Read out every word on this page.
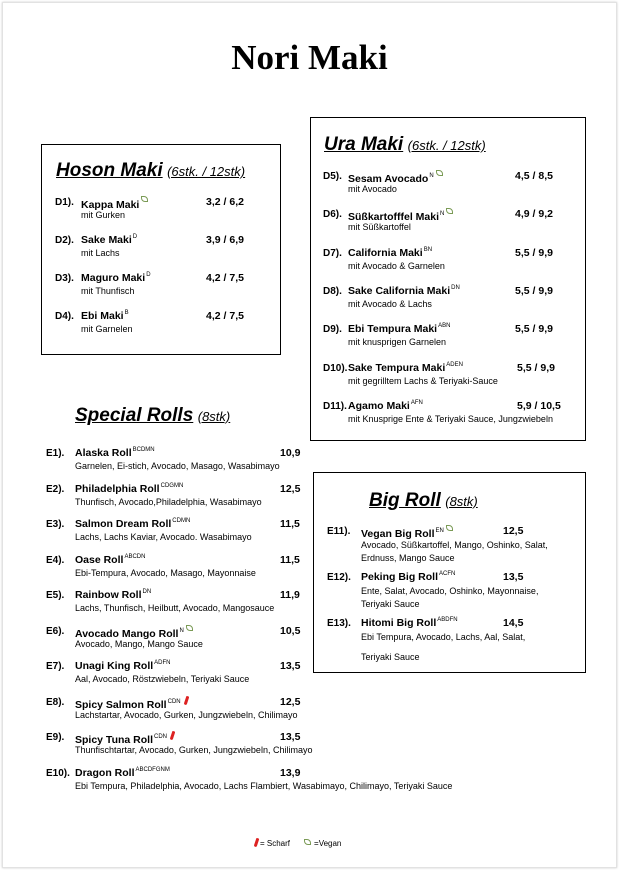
Nori Maki
Hoson Maki (6stk. / 12stk)
Ura Maki (6stk. / 12stk)
Special Rolls (8stk)
Big Roll (8stk)
D1). Kappa Maki	3,2 / 6,2
mit Gurken
D2). Sake Maki$^D$	3,9 / 6,9
mit Lachs
D3). Maguro Maki$^D$	4,2 / 7,5
mit Thunfisch
D4). Ebi Maki$^B$	4,2 / 7,5
mit Garnelen
D5). Sesam Avocado$^N$	4,5 / 8,5
mit Avocado
D6). Süßkartofffel Maki$^N$	4,9 / 9,2
mit Süßkartoffel
D7). California Maki$^{BN}$	5,5 / 9,9
mit Avocado & Garnelen
D8). Sake California Maki$^{DN}$	5,5 / 9,9
mit Avocado & Lachs
D9). Ebi Tempura Maki$^{ABN}$	5,5 / 9,9
mit knusprigen Garnelen
D10). Sake Tempura Maki$^{ADEN}$	5,5 / 9,9
mit gegrilltem Lachs & Teriyaki-Sauce
D11). Agamo Maki$^{AFN}$	5,9 / 10,5
mit Knusprige Ente & Teriyaki Sauce, Jungzwiebeln
E1). Alaska Roll$^{BCDMN}$	10,9
Garnelen, Ei-stich, Avocado, Masago, Wasabimayo
E2). Philadelphia Roll$^{CDGMN}$	12,5
Thunfisch, Avocado,Philadelphia, Wasabimayo
E3). Salmon Dream Roll$^{CDMN}$	11,5
Lachs, Lachs Kaviar, Avocado. Wasabimayo
E4). Oase Roll$^{ABCDN}$	11,5
Ebi-Tempura, Avocado, Masago, Mayonnaise
E5). Rainbow Roll$^{DN}$	11,9
Lachs, Thunfisch, Heilbutt, Avocado, Mangosauce
E6). Avocado Mango Roll$^N$	10,5
Avocado, Mango, Mango Sauce
E7). Unagi King Roll$^{ADFN}$	13,5
Aal, Avocado, Röstzwiebeln, Teriyaki Sauce
E8). Spicy Salmon Roll$^{CDN}$	12,5
Lachstartar, Avocado, Gurken, Jungzwiebeln, Chilimayo
E9). Spicy Tuna Roll$^{CDN}$	13,5
Thunfischtartar, Avocado, Gurken, Jungzwiebeln, Chilimayo
E10). Dragon Roll$^{ABCDFGNM}$	13,9
Ebi Tempura, Philadelphia, Avocado, Lachs Flambiert, Wasabimayo, Chilimayo, Teriyaki Sauce
E11). Vegan Big Roll$^{EN}$	12,5
Avocado, Süßkartoffel, Mango, Oshinko, Salat,
Erdnuss, Mango Sauce
E12). Peking Big Roll$^{ACFN}$	13,5
Ente, Salat, Avocado, Oshinko, Mayonnaise,
Teriyaki Sauce
E13). Hitomi Big Roll$^{ABDFN}$	14,5
Ebi Tempura, Avocado, Lachs, Aal, Salat,
Teriyaki Sauce
= Scharf	=Vegan
